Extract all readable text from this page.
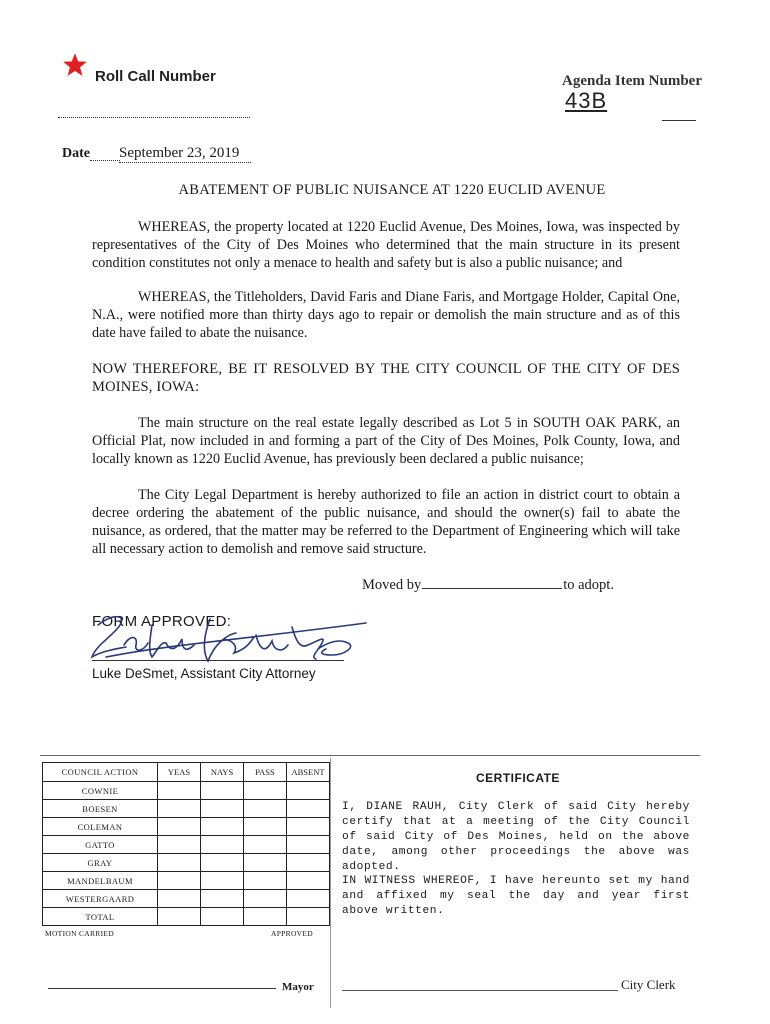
Roll Call Number	Agenda Item Number
43B
Date September 23, 2019
ABATEMENT OF PUBLIC NUISANCE AT 1220 EUCLID AVENUE
WHEREAS, the property located at 1220 Euclid Avenue, Des Moines, Iowa, was inspected by representatives of the City of Des Moines who determined that the main structure in its present condition constitutes not only a menace to health and safety but is also a public nuisance; and
WHEREAS, the Titleholders, David Faris and Diane Faris, and Mortgage Holder, Capital One, N.A., were notified more than thirty days ago to repair or demolish the main structure and as of this date have failed to abate the nuisance.
NOW THEREFORE, BE IT RESOLVED BY THE CITY COUNCIL OF THE CITY OF DES MOINES, IOWA:
The main structure on the real estate legally described as Lot 5 in SOUTH OAK PARK, an Official Plat, now included in and forming a part of the City of Des Moines, Polk County, Iowa, and locally known as 1220 Euclid Avenue, has previously been declared a public nuisance;
The City Legal Department is hereby authorized to file an action in district court to obtain a decree ordering the abatement of the public nuisance, and should the owner(s) fail to abate the nuisance, as ordered, that the matter may be referred to the Department of Engineering which will take all necessary action to demolish and remove said structure.
Moved by	to adopt.
FORM APPROVED:
Luke DeSmet, Assistant City Attorney
COUNCIL ACTION	YEAS	NAYS	PASS	ABSENT
COWNIE				
BOESEN				
COLEMAN				
GATTO				
GRAY				
MANDELBAUM				
WESTERGAARD				
TOTAL				
MOTION CARRIED	APPROVED
Mayor
CERTIFICATE
I, DIANE RAUH, City Clerk of said City hereby certify that at a meeting of the City Council of said City of Des Moines, held on the above date, among other proceedings the above was adopted.
IN WITNESS WHEREOF, I have hereunto set my hand and affixed my seal the day and year first above written.
City Clerk
